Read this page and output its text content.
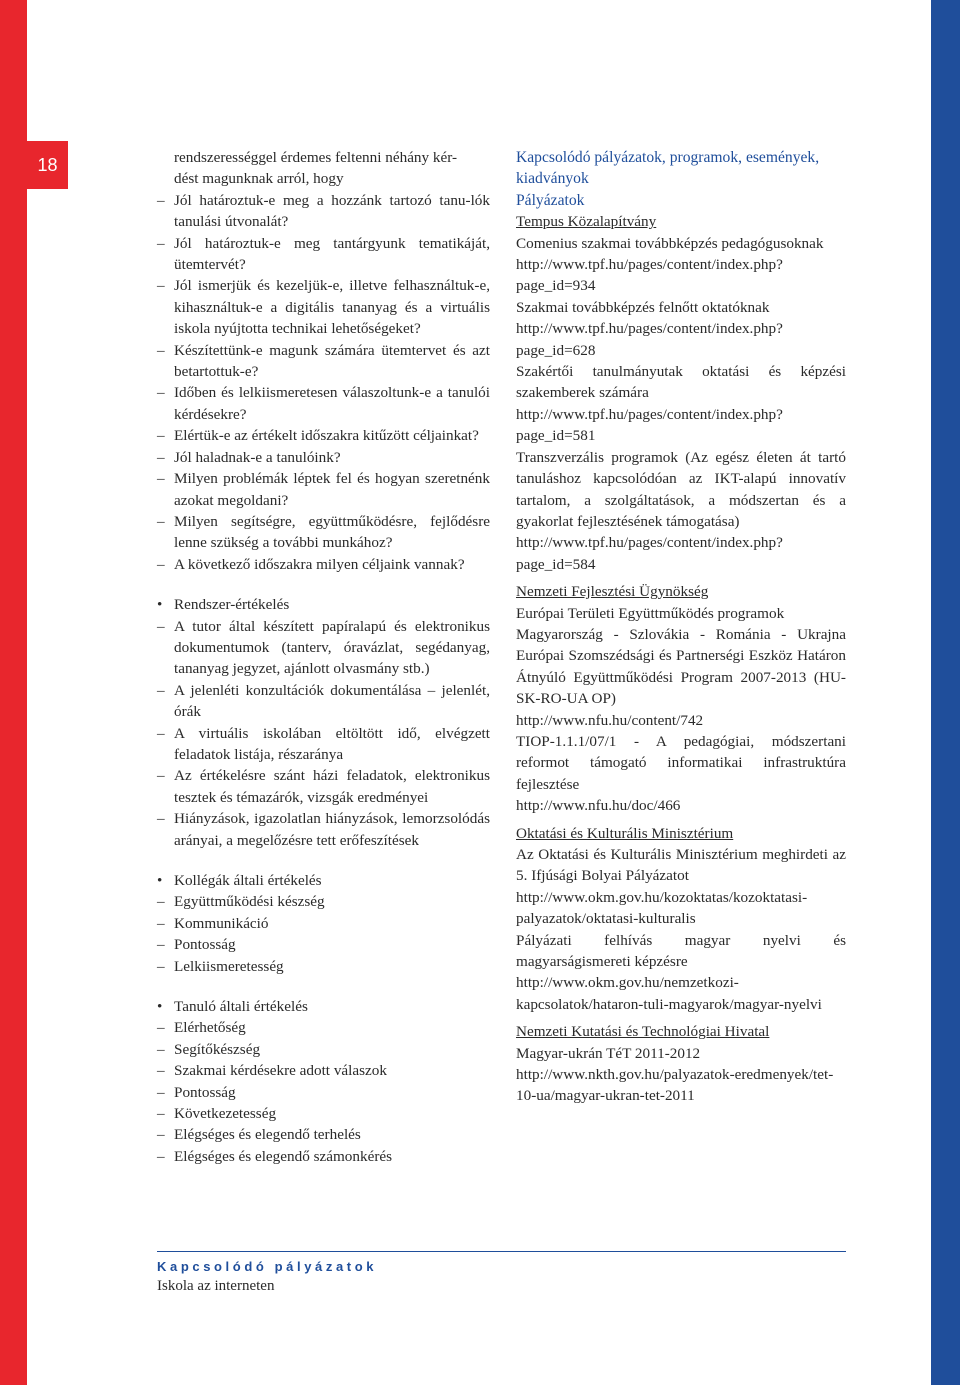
18	rendszerességgel érdemes feltenni néhány kér-
dést magunknak arról, hogy
–
Jól határoztuk-e meg a hozzánk tartozó tanu-lók tanulási útvonalát?
–
Jól határoztuk-e meg tantárgyunk tematikáját, ütemtervét?
–
Jól ismerjük és kezeljük-e, illetve felhasználtuk-e, kihasználtuk-e a digitális tananyag és a virtuális iskola nyújtotta technikai lehetőségeket?
–
Készítettünk-e magunk számára ütemtervet és azt betartottuk-e?
–
Időben és lelkiismeretesen válaszoltunk-e a tanulói kérdésekre?
–
Elértük-e az értékelt időszakra kitűzött céljainkat?
–
Jól haladnak-e a tanulóink?
–
Milyen problémák léptek fel és hogyan szeretnénk azokat megoldani?
–
Milyen segítségre, együttműködésre, fejlődésre lenne szükség a további munkához?
–
A következő időszakra milyen céljaink vannak?
•
Rendszer-értékelés
–
A tutor által készített papíralapú és elektronikus dokumentumok (tanterv, óravázlat, segédanyag, tananyag jegyzet, ajánlott olvasmány stb.)
–
A jelenléti konzultációk dokumentálása – jelenlét, órák
–
A virtuális iskolában eltöltött idő, elvégzett feladatok listája, részaránya
–
Az értékelésre szánt házi feladatok, elektronikus tesztek és témazárók, vizsgák eredményei
–
Hiányzások, igazolatlan hiányzások, lemorzsolódás arányai, a megelőzésre tett erőfeszítések
•
Kollégák általi értékelés
–
Együttműködési készség
–
Kommunikáció
–
Pontosság
–
Lelkiismeretesség
•
Tanuló általi értékelés
–
Elérhetőség
–
Segítőkészség
–
Szakmai kérdésekre adott válaszok
–
Pontosság
–
Következetesség
–
Elégséges és elegendő terhelés
–
Elégséges és elegendő számonkérés

Kapcsolódó pályázatok, programok, események, kiadványok

Pályázatok

Tempus Közalapítvány

Comenius szakmai továbbképzés pedagógusoknak

http://www.tpf.hu/pages/content/index.php?page_id=934

Szakmai továbbképzés felnőtt oktatóknak

http://www.tpf.hu/pages/content/index.php?page_id=628

Szakértői tanulmányutak oktatási és képzési szakemberek számára

http://www.tpf.hu/pages/content/index.php?page_id=581

Transzverzális programok (Az egész életen át tartó tanuláshoz kapcsolódóan az IKT-alapú innovatív tartalom, a szolgáltatások, a módszertan és a gyakorlat fejlesztésének támogatása)

http://www.tpf.hu/pages/content/index.php?page_id=584

Nemzeti Fejlesztési Ügynökség

Európai Területi Együttműködés programok

Magyarország - Szlovákia - Románia - Ukrajna Európai Szomszédsági és Partnerségi Eszköz Határon Átnyúló Együttműködési Program 2007-2013 (HU-SK-RO-UA OP)

http://www.nfu.hu/content/742

TIOP-1.1.1/07/1 - A pedagógiai, módszertani reformot támogató informatikai infrastruktúra fejlesztése

http://www.nfu.hu/doc/466

Oktatási és Kulturális Minisztérium

Az Oktatási és Kulturális Minisztérium meghirdeti az 5. Ifjúsági Bolyai Pályázatot

http://www.okm.gov.hu/kozoktatas/kozoktatasi-palyazatok/oktatasi-kulturalis

Pályázati felhívás magyar nyelvi és magyarságismereti képzésre

http://www.okm.gov.hu/nemzetkozi-kapcsolatok/hataron-tuli-magyarok/magyar-nyelvi

Nemzeti Kutatási és Technológiai Hivatal

Magyar-ukrán TéT 2011-2012

http://www.nkth.gov.hu/palyazatok-eredmenyek/tet-10-ua/magyar-ukran-tet-2011

Kapcsolódó pályázatok
Iskola az interneten
